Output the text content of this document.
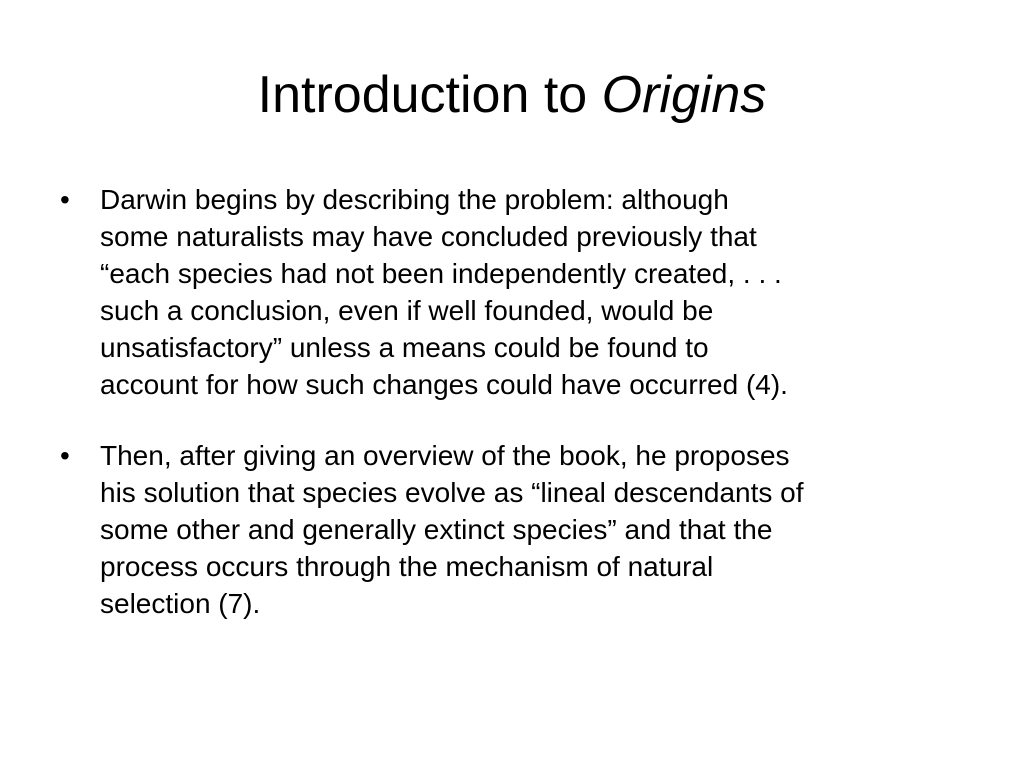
Introduction to Origins
•	Darwin begins by describing the problem: although
some naturalists may have concluded previously that
“each species had not been independently created, . . .
such a conclusion, even if well founded, would be
unsatisfactory” unless a means could be found to
account for how such changes could have occurred (4).
•	Then, after giving an overview of the book, he proposes
his solution that species evolve as “lineal descendants of
some other and generally extinct species” and that the
process occurs through the mechanism of natural
selection (7).
